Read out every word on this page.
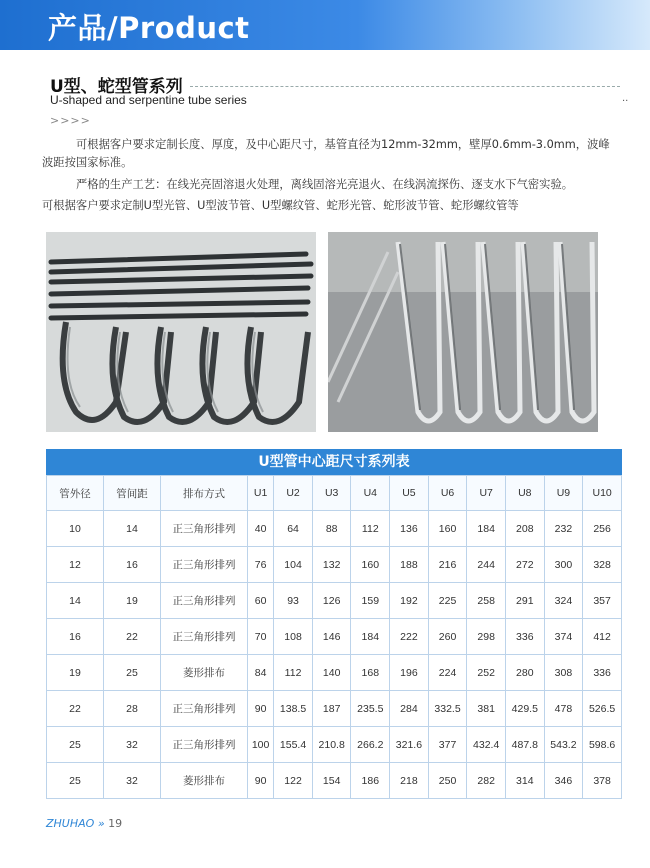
产品/Product
U型、蛇型管系列
U-shaped and serpentine tube series
>>>>
..
可根据客户要求定制长度、厚度，及中心距尺寸，基管直径为12mm-32mm，壁厚0.6mm-3.0mm，波峰波距按国家标准。
严格的生产工艺：在线光亮固溶退火处理，离线固溶光亮退火、在线涡流探伤、逐支水下气密实验。
可根据客户要求定制U型光管、U型波节管、U型螺纹管、蛇形光管、蛇形波节管、蛇形螺纹管等
U型管中心距尺寸系列表
管外径	管间距	排布方式	U1	U2	U3	U4	U5	U6	U7	U8	U9	U10
10	14	正三角形排列	40	64	88	112	136	160	184	208	232	256
12	16	正三角形排列	76	104	132	160	188	216	244	272	300	328
14	19	正三角形排列	60	93	126	159	192	225	258	291	324	357
16	22	正三角形排列	70	108	146	184	222	260	298	336	374	412
19	25	菱形排布	84	112	140	168	196	224	252	280	308	336
22	28	正三角形排列	90	138.5	187	235.5	284	332.5	381	429.5	478	526.5
25	32	正三角形排列	100	155.4	210.8	266.2	321.6	377	432.4	487.8	543.2	598.6
25	32	菱形排布	90	122	154	186	218	250	282	314	346	378
ZHUHAO » 19
